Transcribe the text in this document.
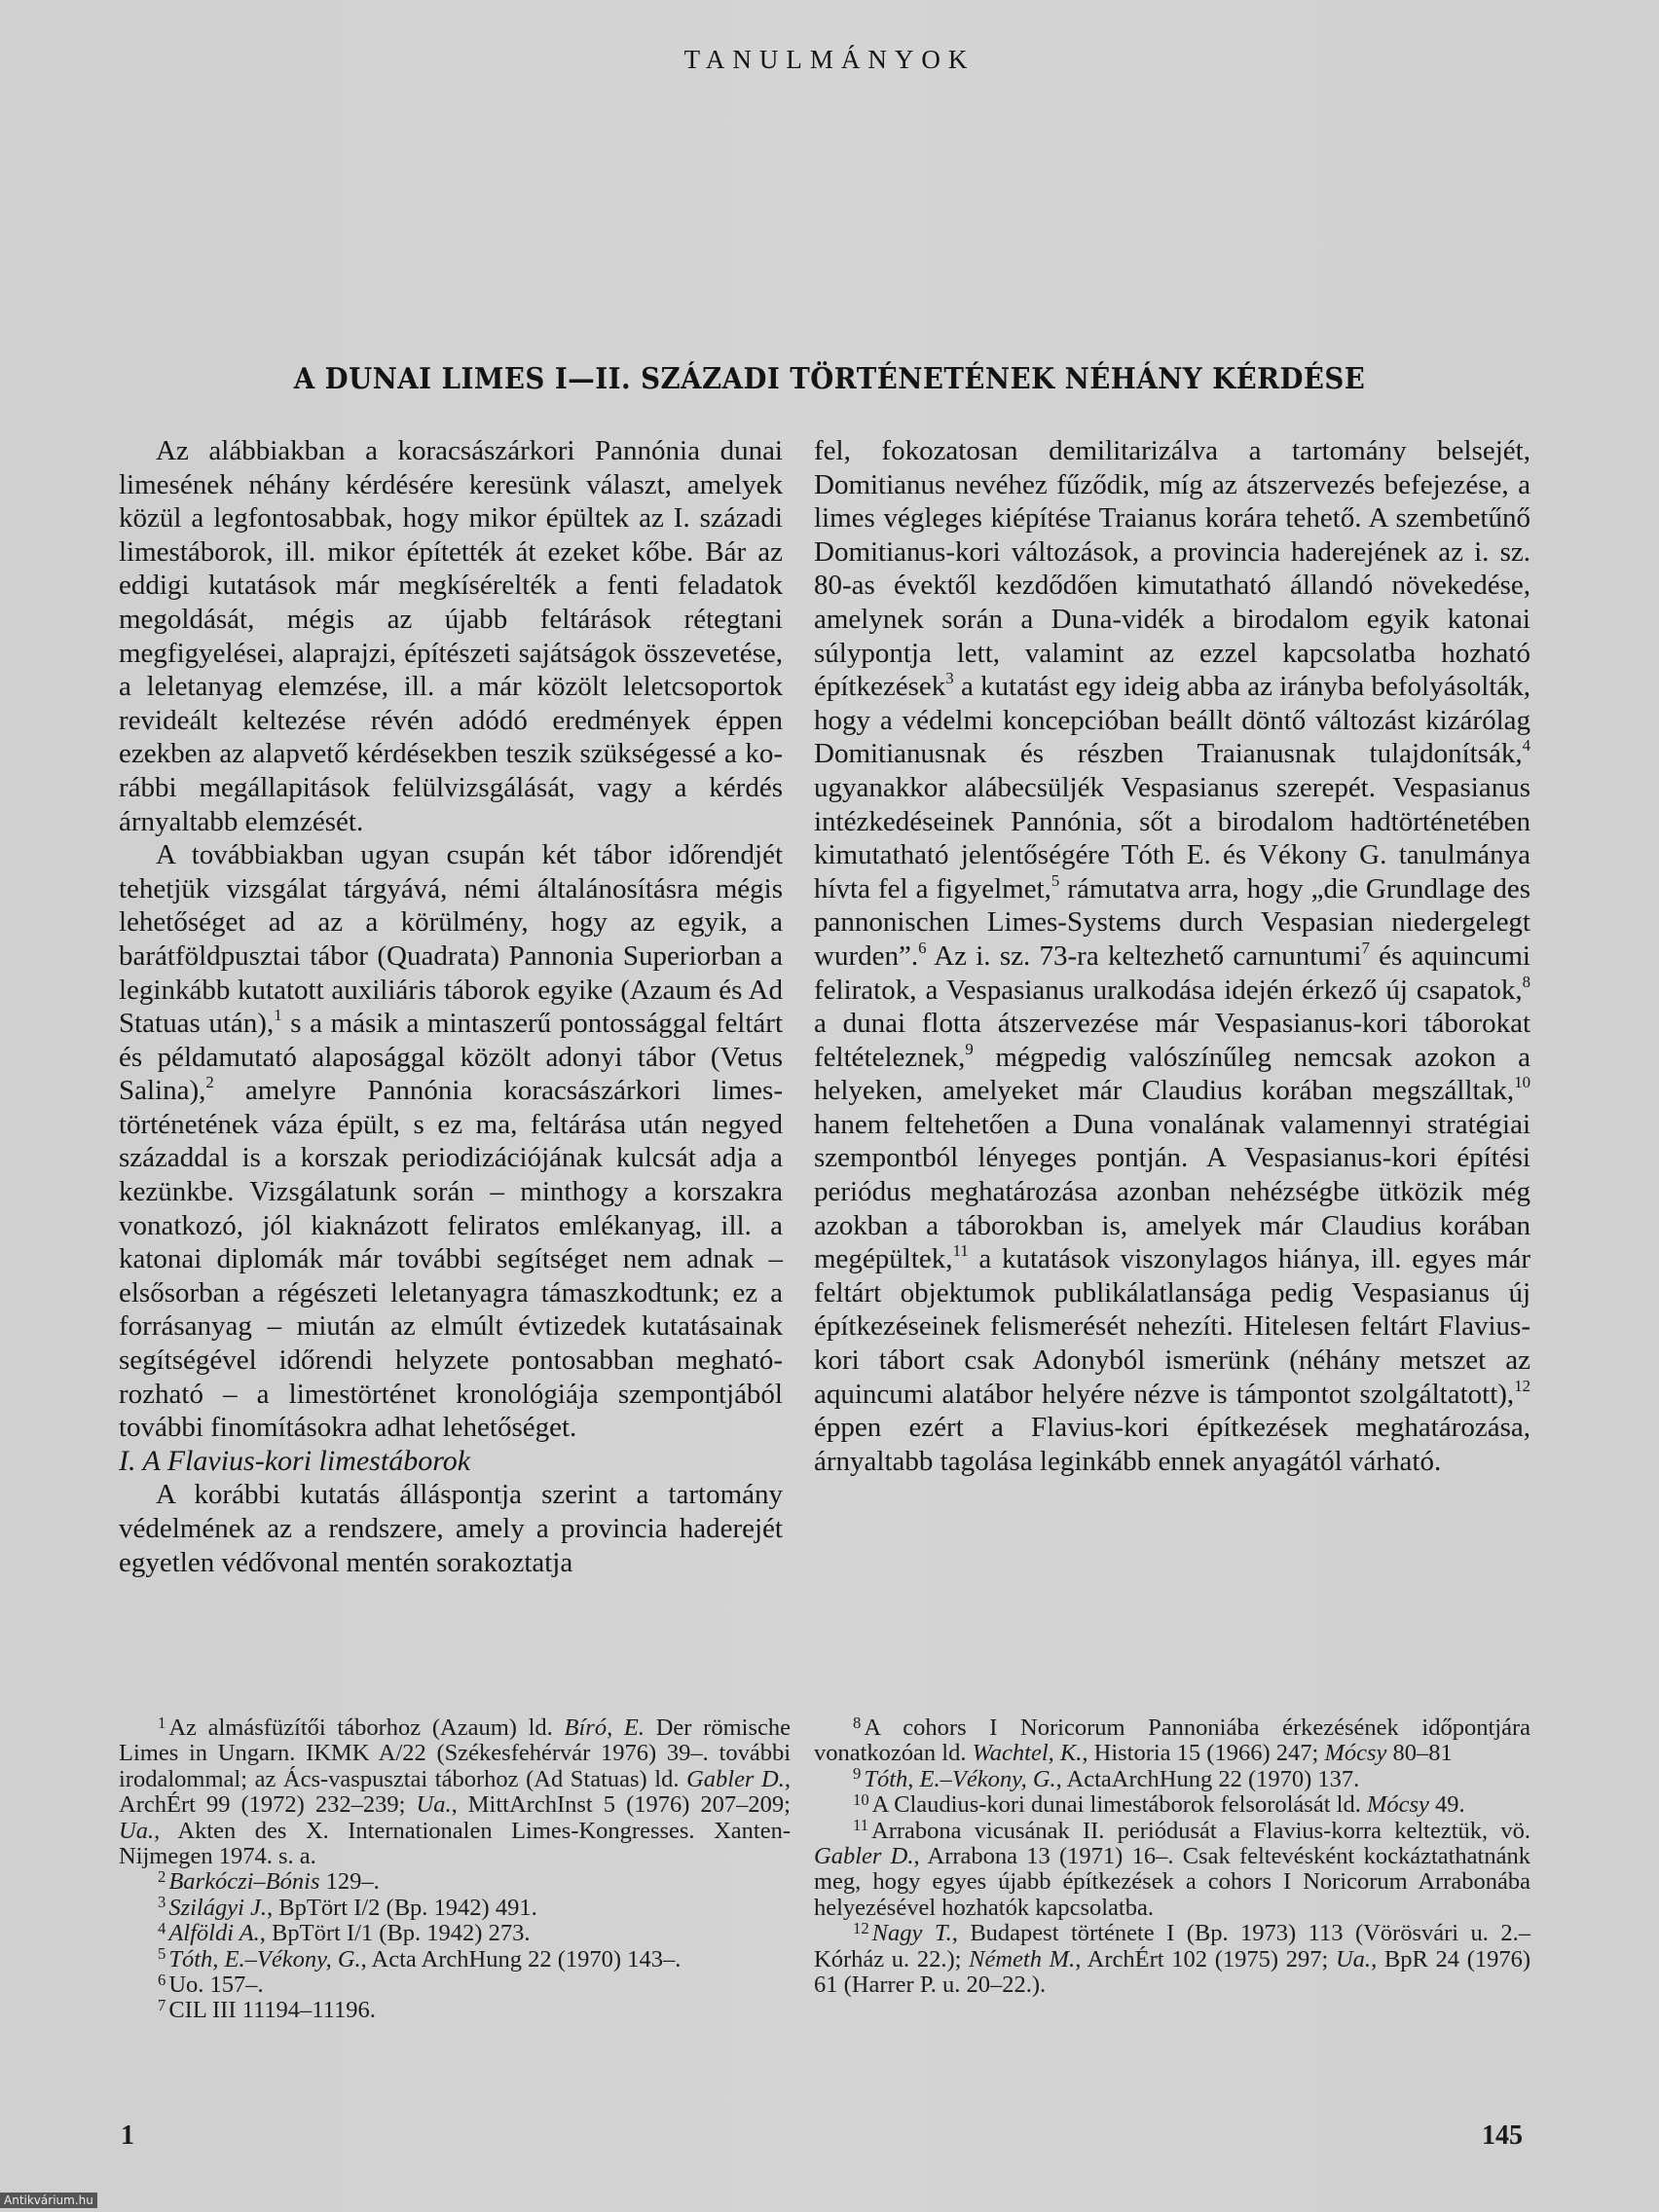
TANULMÁNYOK
A DUNAI LIMES I—II. SZÁZADI TÖRTÉNETÉNEK NÉHÁNY KÉRDÉSE

Az alábbiakban a koracsászárkori Pannónia dunai limesének néhány kérdésére keresünk választ, amelyek közül a legfontosabbak, hogy mikor épültek az I. századi limestáborok, ill. mikor építették át ezeket kőbe. Bár az eddigi kutatások már megkísérelték a fenti feladatok megoldását, mégis az újabb feltárások rétegtani megfigyelései, alaprajzi, építészeti sajátságok összevetése, a leletanyag elemzése, ill. a már közölt leletcsoportok revideált keltezése révén adódó eredmények éppen ezekben az alapvető kérdésekben teszik szükségessé a korábbi megállapitások felülvizsgálását, vagy a kérdés árnyaltabb elemzését.

A továbbiakban ugyan csupán két tábor időrendjét tehetjük vizsgálat tárgyává, némi általánosításra mégis lehetőséget ad az a körülmény, hogy az egyik, a barátföldpusztai tábor (Quadrata) Pannonia Superiorban a leginkább kutatott auxiliáris táborok egyike (Azaum és Ad Statuas után),$^1$ s a másik a mintaszerű pontossággal feltárt és példamutató alaposággal közölt adonyi tábor (Vetus Salina),$^2$ amelyre Pannónia koracsászárkori limestörténetének váza épült, s ez ma, feltárása után negyed századdal is a korszak periodizációjának kulcsát adja a kezünkbe. Vizsgálatunk során – minthogy a korszakra vonatkozó, jól kiaknázott feliratos emlékanyag, ill. a katonai diplomák már további segítséget nem adnak – elsősorban a régészeti leletanyagra támaszkodtunk; ez a forrásanyag – miután az elmúlt évtizedek kutatásainak segítségével időrendi helyzete pontosabban meghatórozható – a limestörténet kronológiája szempontjából további finomításokra adhat lehetőséget.

I. A Flavius-kori limestáborok

A korábbi kutatás álláspontja szerint a tartomány védelmének az a rendszere, amely a provincia haderejét egyetlen védővonal mentén sorakoztatja

fel, fokozatosan demilitarizálva a tartomány belsejét, Domitianus nevéhez fűződik, míg az átszervezés befejezése, a limes végleges kiépítése Traianus korára tehető. A szembetűnő Domitianus-kori változások, a provincia haderejének az i. sz. 80-as évektől kezdődően kimutatható állandó növekedése, amelynek során a Duna-vidék a birodalom egyik katonai súlypontja lett, valamint az ezzel kapcsolatba hozható építkezések$^3$ a kutatást egy ideig abba az irányba befolyásolták, hogy a védelmi koncepcióban beállt döntő változást kizárólag Domitianusnak és részben Traianusnak tulajdonítsák,$^4$ ugyanakkor alábecsüljék Vespasianus szerepét. Vespasianus intézkedéseinek Pannónia, sőt a birodalom hadtörténetében kimutatható jelentőségére Tóth E. és Vékony G. tanulmánya hívta fel a figyelmet,$^5$ rámutatva arra, hogy „die Grundlage des pannonischen Limes-Systems durch Vespasian niedergelegt wurden”.$^6$ Az i. sz. 73-ra keltezhető carnuntumi$^7$ és aquincumi feliratok, a Vespasianus uralkodása idején érkező új csapatok,$^8$ a dunai flotta átszervezése már Vespasianus-kori táborokat feltételeznek,$^9$ mégpedig valószínűleg nemcsak azokon a helyeken, amelyeket már Claudius korában megszálltak,$^{10}$ hanem feltehetően a Duna vonalának valamennyi stratégiai szempontból lényeges pontján. A Vespasianus-kori építési periódus meghatározása azonban nehézségbe ütközik még azokban a táborokban is, amelyek már Claudius korában megépültek,$^{11}$ a kutatások viszonylagos hiánya, ill. egyes már feltárt objektumok publikálatlansága pedig Vespasianus új építkezéseinek felismerését nehezíti. Hitelesen feltárt Flavius-kori tábort csak Adonyból ismerünk (néhány metszet az aquincumi alatábor helyére nézve is támpontot szolgáltatott),$^{12}$ éppen ezért a Flavius-kori építkezések meghatározása, árnyaltabb tagolása leginkább ennek anyagától várható.

$^1$ Az almásfüzítői táborhoz (Azaum) ld. Bíró, E. Der römische Limes in Ungarn. IKMK A/22 (Székesfehérvár 1976) 39–. további irodalommal; az Ács-vaspusztai táborhoz (Ad Statuas) ld. Gabler D., ArchÉrt 99 (1972) 232–239; Ua., MittArchInst 5 (1976) 207–209; Ua., Akten des X. Internationalen Limes-Kongresses. Xanten-Nijmegen 1974. s. a.

$^2$ Barkóczi–Bónis 129–.

$^3$ Szilágyi J., BpTört I/2 (Bp. 1942) 491.

$^4$ Alföldi A., BpTört I/1 (Bp. 1942) 273.

$^5$ Tóth, E.–Vékony, G., Acta ArchHung 22 (1970) 143–.

$^6$ Uo. 157–.

$^7$ CIL III 11194–11196.

$^8$ A cohors I Noricorum Pannoniába érkezésének időpontjára vonatkozóan ld. Wachtel, K., Historia 15 (1966) 247; Mócsy 80–81

$^9$ Tóth, E.–Vékony, G., ActaArchHung 22 (1970) 137.

$^{10}$ A Claudius-kori dunai limestáborok felsorolását ld. Mócsy 49.

$^{11}$ Arrabona vicusának II. periódusát a Flavius-korra kelteztük, vö. Gabler D., Arrabona 13 (1971) 16–. Csak feltevésként kockáztathatnánk meg, hogy egyes újabb építkezések a cohors I Noricorum Arrabonába helyezésével hozhatók kapcsolatba.

$^{12}$ Nagy T., Budapest története I (Bp. 1973) 113 (Vörösvári u. 2.–Kórház u. 22.); Németh M., ArchÉrt 102 (1975) 297; Ua., BpR 24 (1976) 61 (Harrer P. u. 20–22.).

1	145
Antikvárium.hu
